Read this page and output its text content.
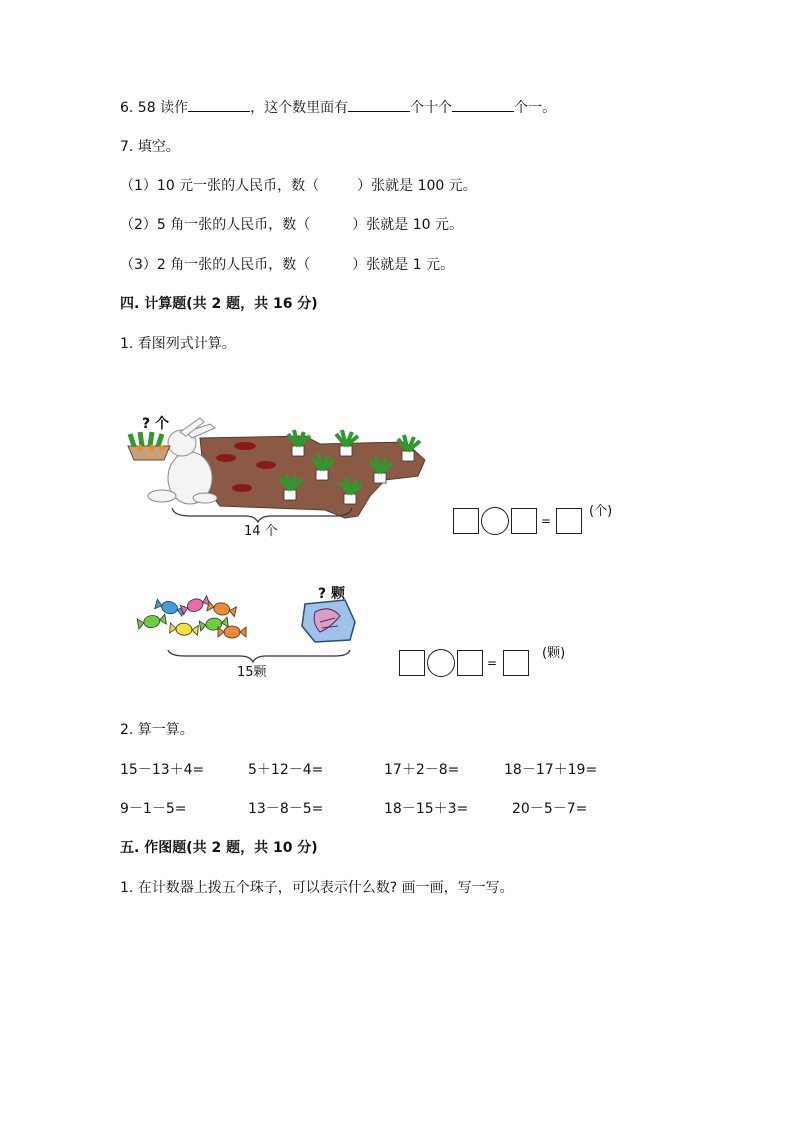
6. 58 读作	，这个数里面有	个十个	个一。
7. 填空。
（1）10 元一张的人民币，数（	）张就是 100 元。
（2）5 角一张的人民币，数（	）张就是 10 元。
（3）2 角一张的人民币，数（	）张就是 1 元。
四. 计算题(共 2 题，共 16 分)
1. 看图列式计算。
? 个
14 个
=
(个)
? 颗
15颗
=
(颗)
2. 算一算。
15－13＋4=	5＋12－4=	17＋2－8=	18－17＋19=
9－1－5=	13－8－5=	18－15＋3=	20－5－7=
五. 作图题(共 2 题，共 10 分)
1. 在计数器上拨五个珠子，可以表示什么数? 画一画，写一写。
